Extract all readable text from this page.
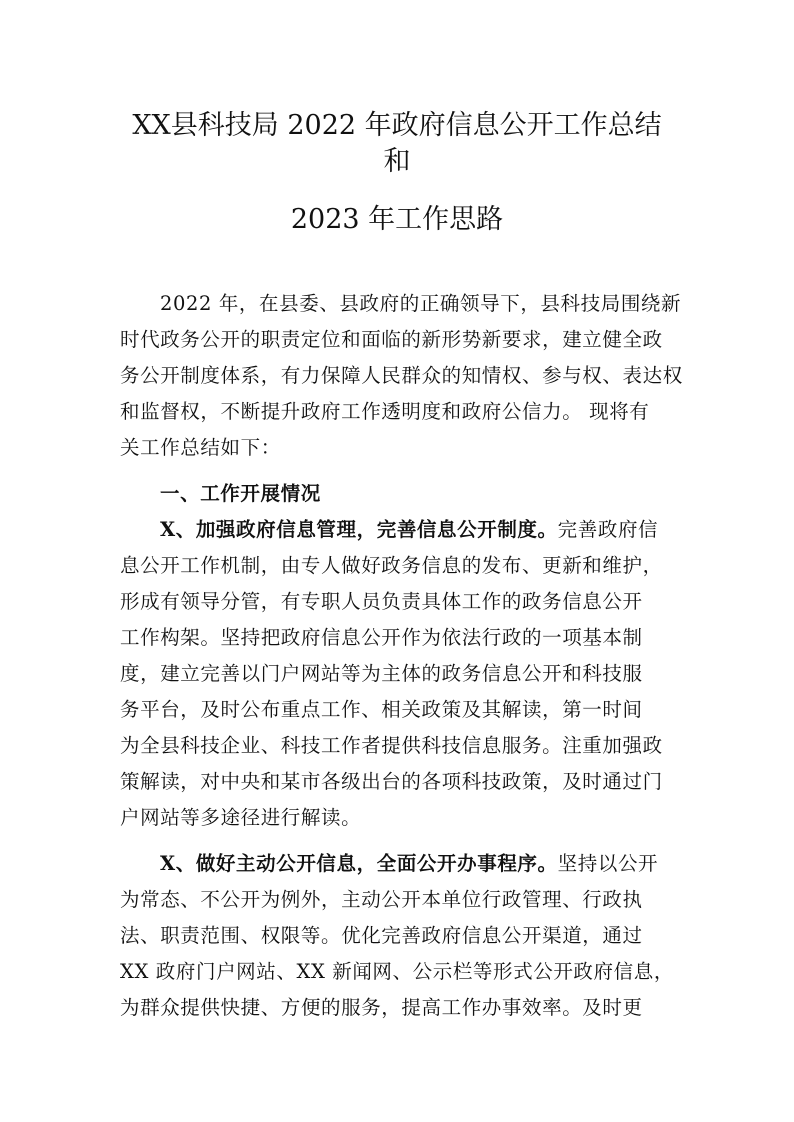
XX县科技局 2022 年政府信息公开工作总结
和
2023 年工作思路

2022 年，在县委、县政府的正确领导下，县科技局围绕新

时代政务公开的职责定位和面临的新形势新要求，建立健全政

务公开制度体系，有力保障人民群众的知情权、参与权、表达权

和监督权，不断提升政府工作透明度和政府公信力。 现将有

关工作总结如下：

一、工作开展情况

X、加强政府信息管理，完善信息公开制度。完善政府信

息公开工作机制，由专人做好政务信息的发布、更新和维护，

形成有领导分管，有专职人员负责具体工作的政务信息公开

工作构架。坚持把政府信息公开作为依法行政的一项基本制

度，建立完善以门户网站等为主体的政务信息公开和科技服

务平台，及时公布重点工作、相关政策及其解读，第一时间

为全县科技企业、科技工作者提供科技信息服务。注重加强政

策解读，对中央和某市各级出台的各项科技政策，及时通过门

户网站等多途径进行解读。

X、做好主动公开信息，全面公开办事程序。坚持以公开

为常态、不公开为例外，主动公开本单位行政管理、行政执

法、职责范围、权限等。优化完善政府信息公开渠道，通过

XX 政府门户网站、XX 新闻网、公示栏等形式公开政府信息，

为群众提供快捷、方便的服务，提高工作办事效率。及时更
